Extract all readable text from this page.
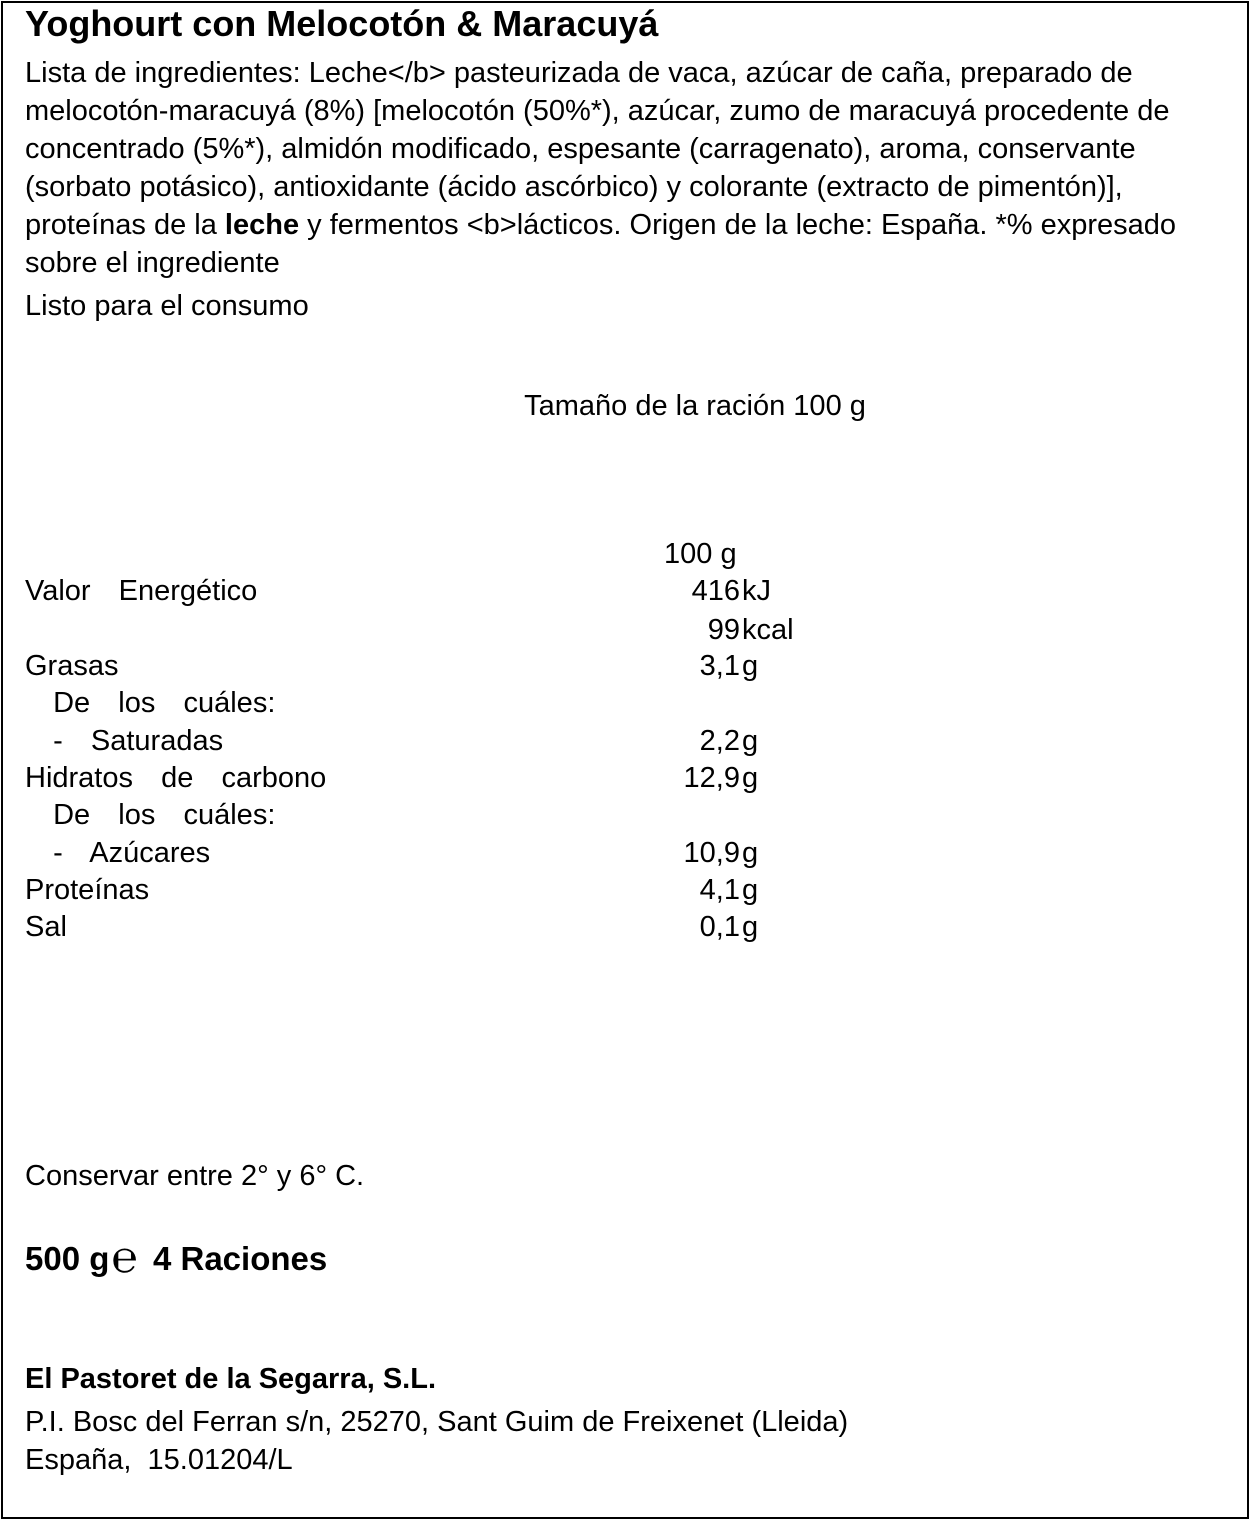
Yoghourt con Melocotón & Maracuyá
Lista de ingredientes: Leche</b> pasteurizada de vaca, azúcar de caña, preparado de melocotón-maracuyá (8%) [melocotón (50%*), azúcar, zumo de maracuyá procedente de concentrado (5%*), almidón modificado, espesante (carragenato), aroma, conservante (sorbato potásico), antioxidante (ácido ascórbico) y colorante (extracto de pimentón)], proteínas de la leche y fermentos <b>lácticos. Origen de la leche: España. *% expresado sobre el ingrediente
Listo para el consumo
Tamaño de la ración 100 g
100 g
Valor  Energético	416 kJ
99 kcal
Grasas	3,1 g
De  los  cuáles:
-  Saturadas	2,2 g
Hidratos  de  carbono	12,9 g
De  los  cuáles:
-  Azúcares	10,9 g
Proteínas	4,1 g
Sal	0,1 g
Conservar entre 2° y 6° C.
500 g℮ 4 Raciones
El Pastoret de la Segarra, S.L.
P.I. Bosc del Ferran s/n, 25270, Sant Guim de Freixenet (Lleida)
España,  15.01204/L
